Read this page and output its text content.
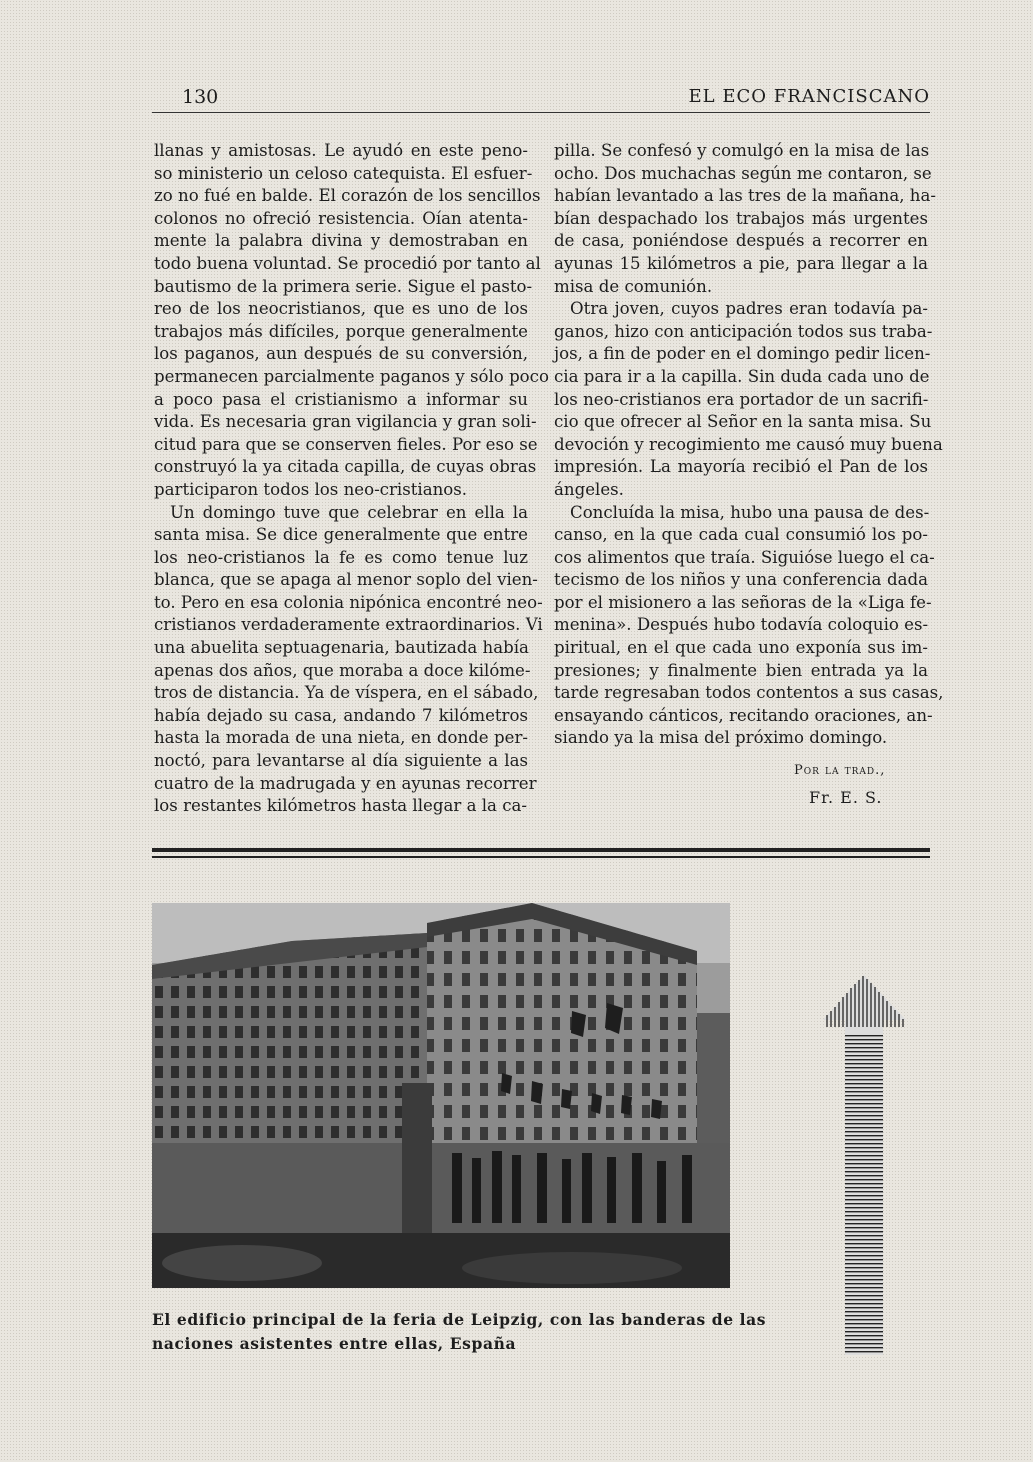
130	EL ECO FRANCISCANO

llanas y amistosas. Le ayudó en este peno-
so ministerio un celoso catequista. El esfuer-
zo no fué en balde. El corazón de los sencillos
colonos no ofreció resistencia. Oían atenta-
mente la palabra divina y demostraban en
todo buena voluntad. Se procedió por tanto al
bautismo de la primera serie. Sigue el pasto-
reo de los neocristianos, que es uno de los
trabajos más difíciles, porque generalmente
los paganos, aun después de su conversión,
permanecen parcialmente paganos y sólo poco
a poco pasa el cristianismo a informar su
vida. Es necesaria gran vigilancia y gran soli-
citud para que se conserven fieles. Por eso se
construyó la ya citada capilla, de cuyas obras
participaron todos los neo-cristianos.

Un domingo tuve que celebrar en ella la
santa misa. Se dice generalmente que entre
los neo-cristianos la fe es como tenue luz
blanca, que se apaga al menor soplo del vien-
to. Pero en esa colonia nipónica encontré neo-
cristianos verdaderamente extraordinarios. Vi
una abuelita septuagenaria, bautizada había
apenas dos años, que moraba a doce kilóme-
tros de distancia. Ya de víspera, en el sábado,
había dejado su casa, andando 7 kilómetros
hasta la morada de una nieta, en donde per-
noctó, para levantarse al día siguiente a las
cuatro de la madrugada y en ayunas recorrer
los restantes kilómetros hasta llegar a la ca-

pilla. Se confesó y comulgó en la misa de las
ocho. Dos muchachas según me contaron, se
habían levantado a las tres de la mañana, ha-
bían despachado los trabajos más urgentes
de casa, poniéndose después a recorrer en
ayunas 15 kilómetros a pie, para llegar a la
misa de comunión.

Otra joven, cuyos padres eran todavía pa-
ganos, hizo con anticipación todos sus traba-
jos, a fin de poder en el domingo pedir licen-
cia para ir a la capilla. Sin duda cada uno de
los neo-cristianos era portador de un sacrifi-
cio que ofrecer al Señor en la santa misa. Su
devoción y recogimiento me causó muy buena
impresión. La mayoría recibió el Pan de los
ángeles.

Concluída la misa, hubo una pausa de des-
canso, en la que cada cual consumió los po-
cos alimentos que traía. Siguióse luego el ca-
tecismo de los niños y una conferencia dada
por el misionero a las señoras de la «Liga fe-
menina». Después hubo todavía coloquio es-
piritual, en el que cada uno exponía sus im-
presiones; y finalmente bien entrada ya la
tarde regresaban todos contentos a sus casas,
ensayando cánticos, recitando oraciones, an-
siando ya la misa del próximo domingo.

Por la trad.,
Fr. E. S.
El edificio principal de la feria de Leipzig, con las banderas de las
naciones asistentes entre ellas, España
